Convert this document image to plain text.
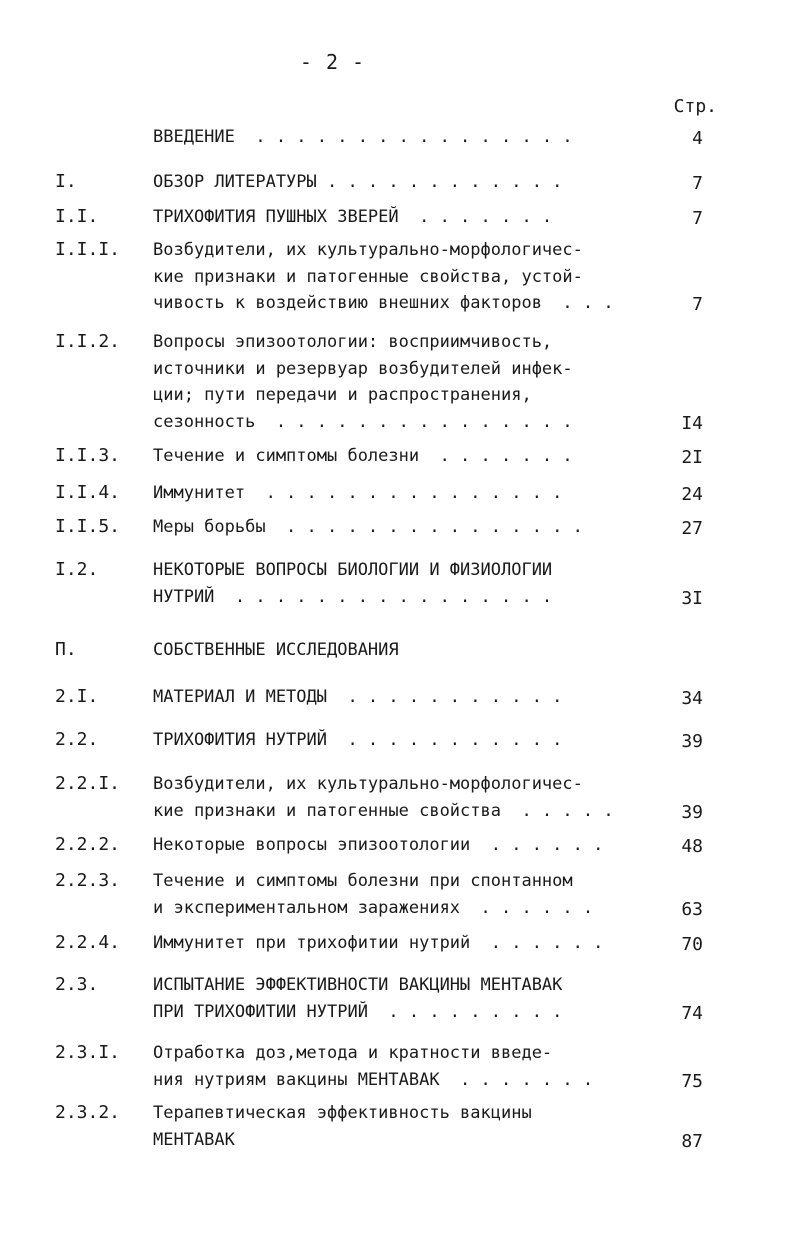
- 2 -
Стр.
ВВЕДЕНИЕ  . . . . . . . . . . . . . . . .	4
I.	ОБЗОР ЛИТЕРАТУРЫ . . . . . . . . . . . .	7
I.I.	ТРИХОФИТИЯ ПУШНЫХ ЗВЕРЕЙ  . . . . . . .	7
I.I.I. Возбудители, их культурально-морфологичес-
кие признаки и патогенные свойства, устой-
чивость к воздействию внешних факторов  . . .	7
I.I.2. Вопросы эпизоотологии: восприимчивость,
источники и резервуар возбудителей инфек-
ции; пути передачи и распространения,
сезонность  . . . . . . . . . . . . . . .	I4
I.I.3. Течение и симптомы болезни  . . . . . . .	2I
I.I.4. Иммунитет  . . . . . . . . . . . . . . .	24
I.I.5. Меры борьбы  . . . . . . . . . . . . . . .	27
I.2.	НЕКОТОРЫЕ ВОПРОСЫ БИОЛОГИИ И ФИЗИОЛОГИИ
НУТРИЙ  . . . . . . . . . . . . . . . .	3I
П.	СОБСТВЕННЫЕ ИССЛЕДОВАНИЯ
2.I.	МАТЕРИАЛ И МЕТОДЫ  . . . . . . . . . . .	34
2.2.	ТРИХОФИТИЯ НУТРИЙ  . . . . . . . . . . .	39
2.2.I. Возбудители, их культурально-морфологичес-
кие признаки и патогенные свойства  . . . . .	39
2.2.2. Некоторые вопросы эпизоотологии  . . . . . .	48
2.2.3. Течение и симптомы болезни при спонтанном
и экспериментальном заражениях  . . . . . .	63
2.2.4. Иммунитет при трихофитии нутрий  . . . . . .	70
2.3.	ИСПЫТАНИЕ ЭФФЕКТИВНОСТИ ВАКЦИНЫ МЕНТАВАК
ПРИ ТРИХОФИТИИ НУТРИЙ  . . . . . . . . .	74
2.3.I. Отработка доз,метода и кратности введе-
ния нутриям вакцины МЕНТАВАК  . . . . . . .	75
2.3.2. Терапевтическая эффективность вакцины
МЕНТАВАК	87
